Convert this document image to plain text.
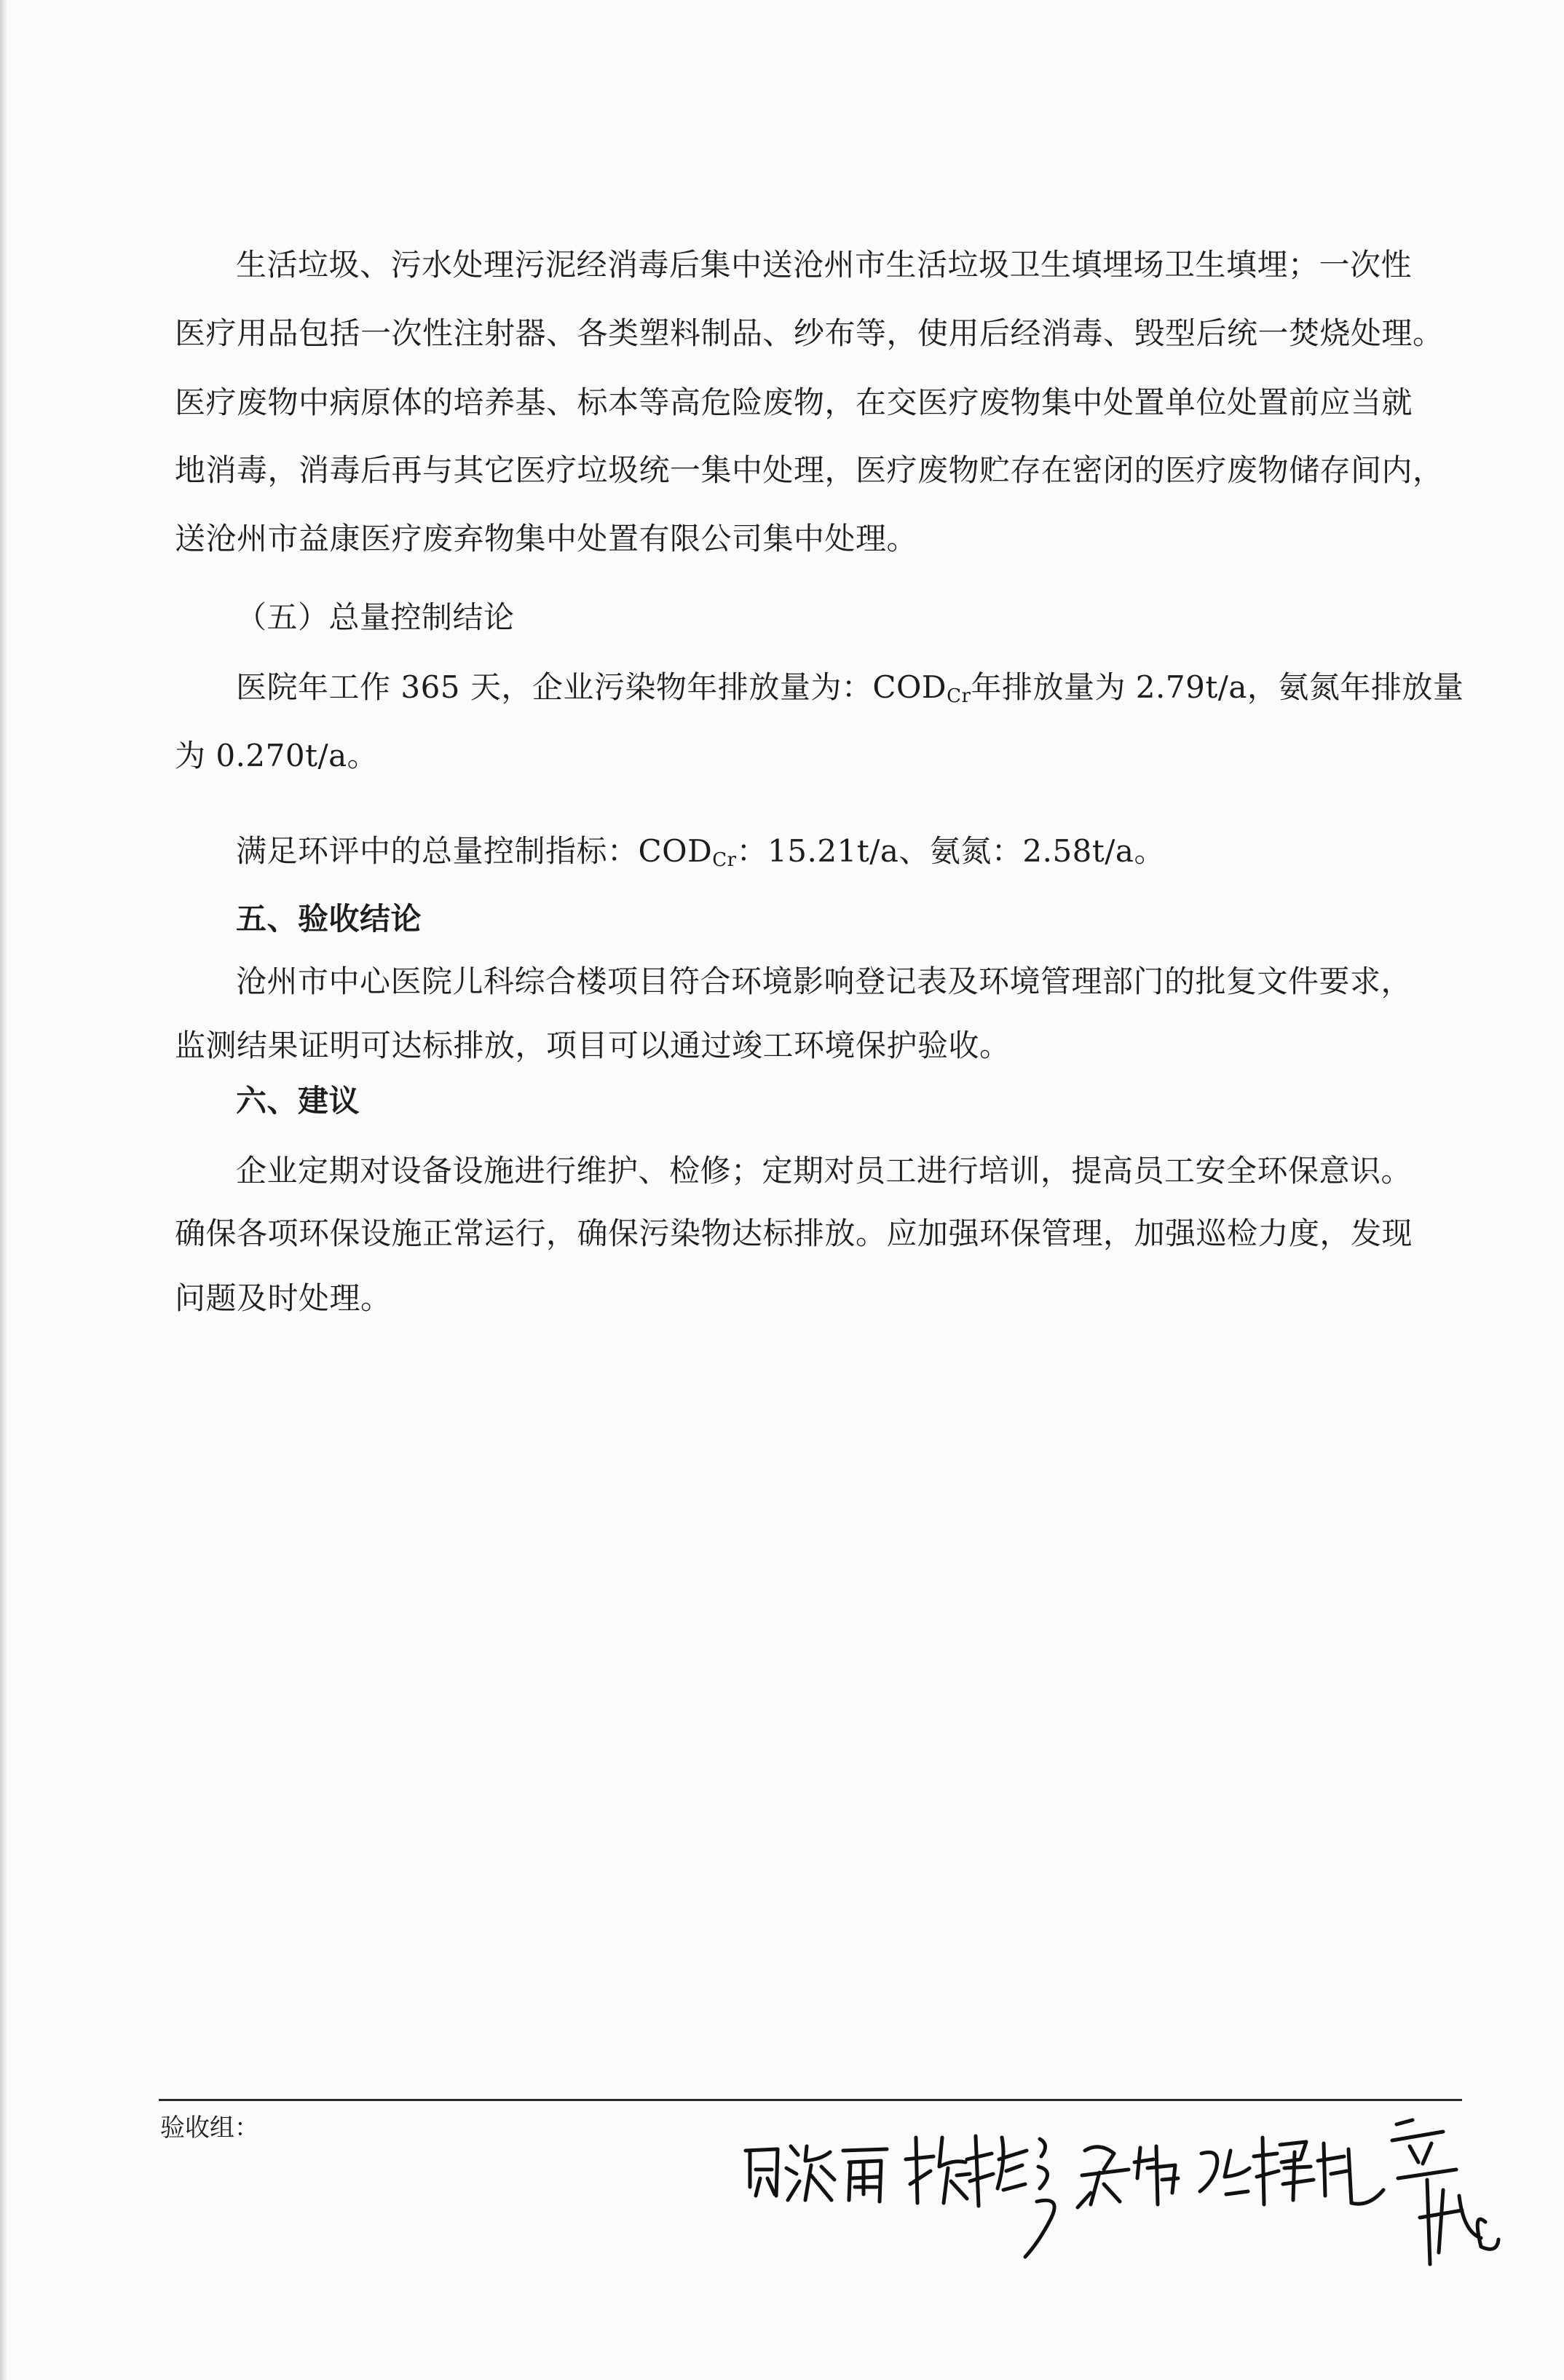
生活垃圾、污水处理污泥经消毒后集中送沧州市生活垃圾卫生填埋场卫生填埋；一次性
医疗用品包括一次性注射器、各类塑料制品、纱布等，使用后经消毒、毁型后统一焚烧处理。
医疗废物中病原体的培养基、标本等高危险废物，在交医疗废物集中处置单位处置前应当就
地消毒，消毒后再与其它医疗垃圾统一集中处理，医疗废物贮存在密闭的医疗废物储存间内，
送沧州市益康医疗废弃物集中处置有限公司集中处理。
（五）总量控制结论
医院年工作 365 天，企业污染物年排放量为：$COD_{Cr}$年排放量为 2.79t/a，氨氮年排放量
为 0.270t/a。
满足环评中的总量控制指标：$COD_{Cr}$：15.21t/a、氨氮：2.58t/a。
五、验收结论
沧州市中心医院儿科综合楼项目符合环境影响登记表及环境管理部门的批复文件要求，
监测结果证明可达标排放，项目可以通过竣工环境保护验收。
六、建议
企业定期对设备设施进行维护、检修；定期对员工进行培训，提高员工安全环保意识。
确保各项环保设施正常运行，确保污染物达标排放。应加强环保管理，加强巡检力度，发现
问题及时处理。
验收组：
